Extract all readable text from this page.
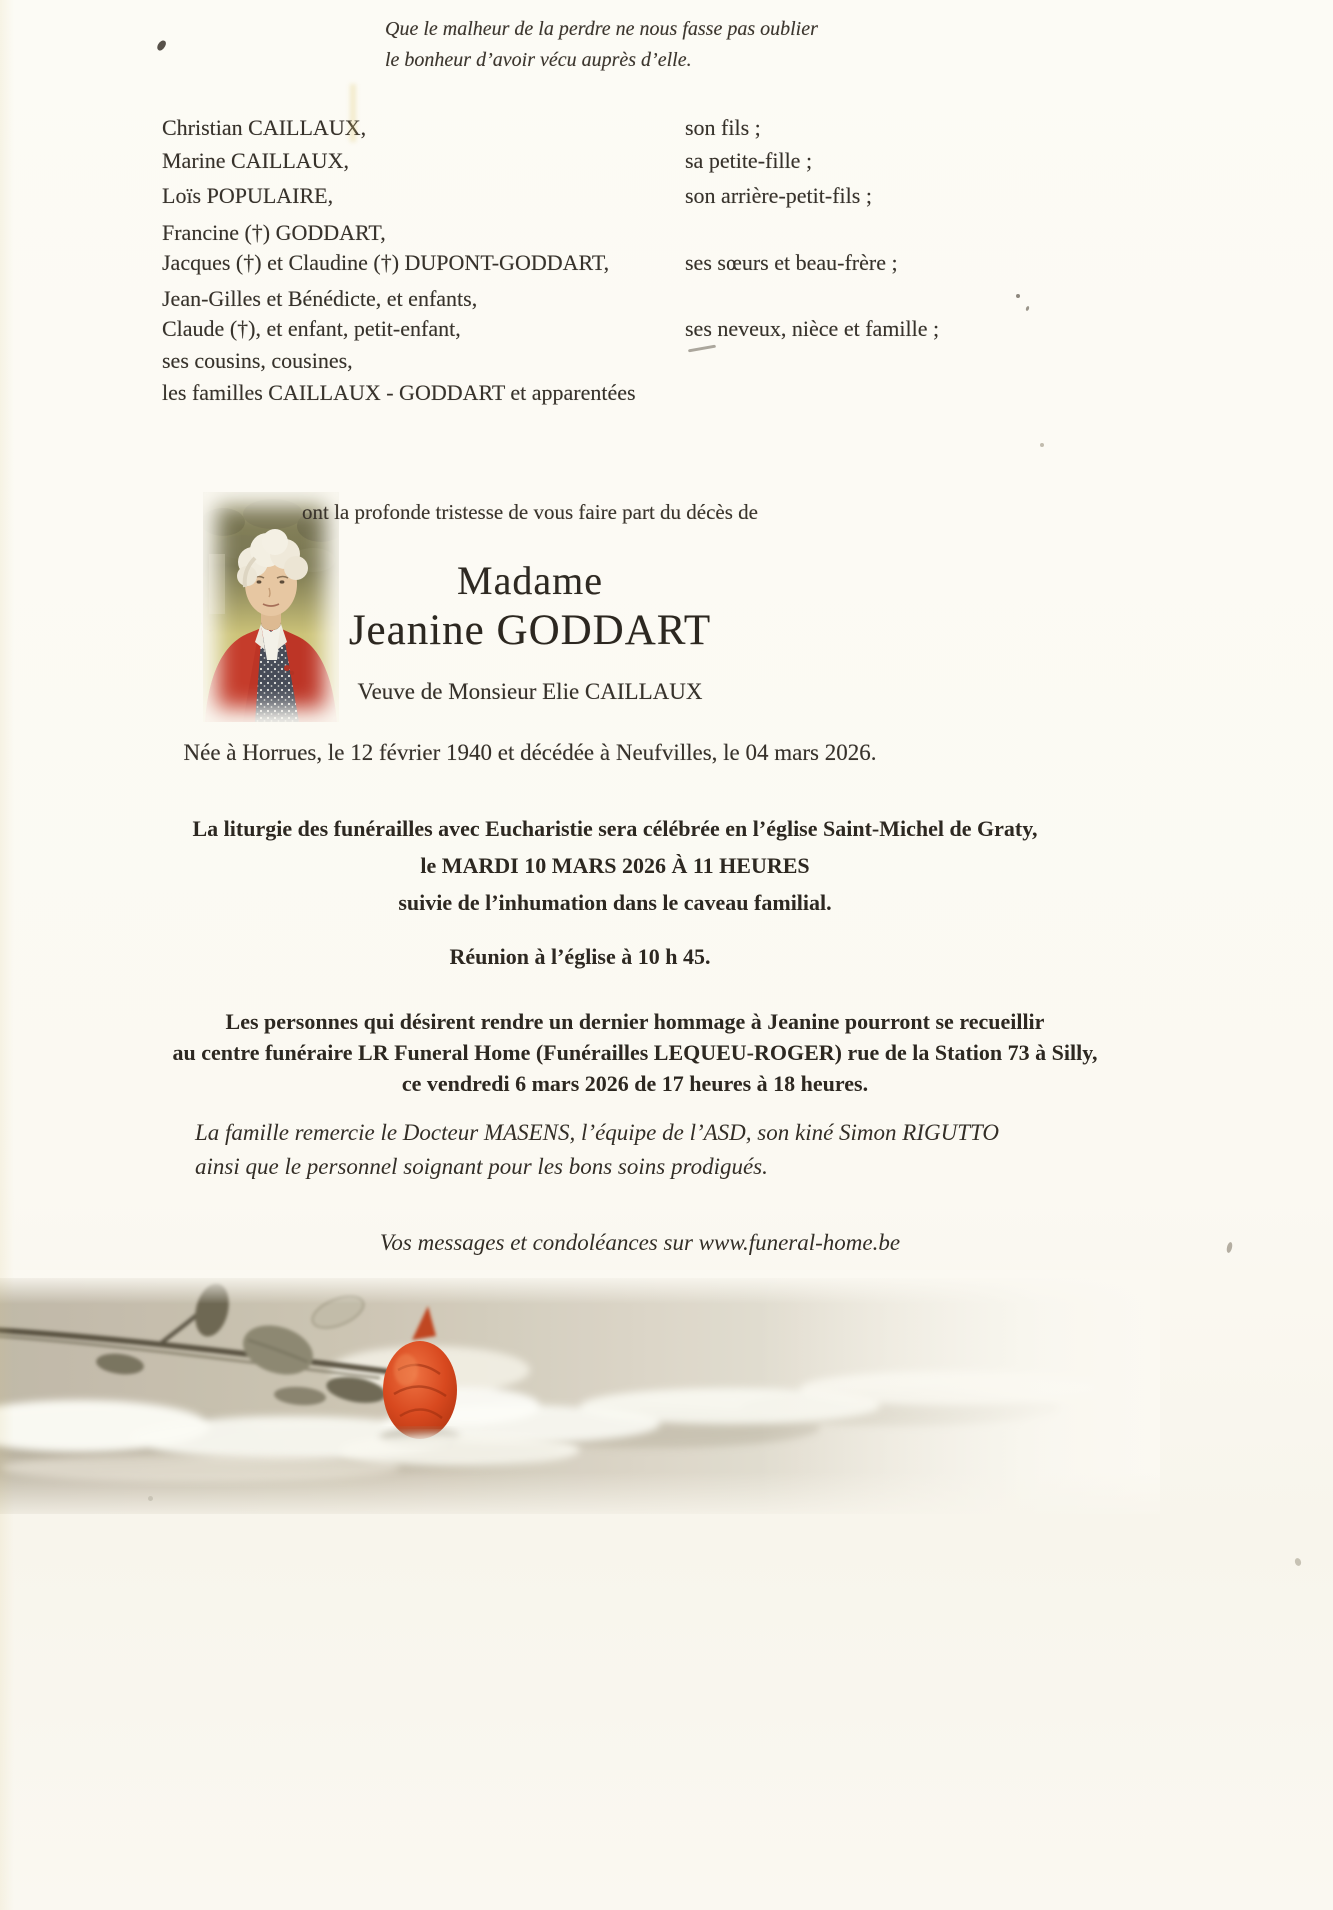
Que le malheur de la perdre ne nous fasse pas oublier
le bonheur d’avoir vécu auprès d’elle.
Christian CAILLAUX,	son fils ;
Marine CAILLAUX,	sa petite-fille ;
Loïs POPULAIRE,	son arrière-petit-fils ;
Francine (†) GODDART,
Jacques (†) et Claudine (†) DUPONT-GODDART,	ses sœurs et beau-frère ;
Jean-Gilles et Bénédicte, et enfants,
Claude (†), et enfant, petit-enfant,	ses neveux, nièce et famille ;
ses cousins, cousines,
les familles CAILLAUX - GODDART et apparentées
ont la profonde tristesse de vous faire part du décès de
Madame
Jeanine GODDART
Veuve de Monsieur Elie CAILLAUX
Née à Horrues, le 12 février 1940 et décédée à Neufvilles, le 04 mars 2026.
La liturgie des funérailles avec Eucharistie sera célébrée en l’église Saint-Michel de Graty,
le MARDI 10 MARS 2026 À 11 HEURES
suivie de l’inhumation dans le caveau familial.
Réunion à l’église à 10 h 45.
Les personnes qui désirent rendre un dernier hommage à Jeanine pourront se recueillir
au centre funéraire LR Funeral Home (Funérailles LEQUEU-ROGER) rue de la Station 73 à Silly,
ce vendredi 6 mars 2026 de 17 heures à 18 heures.
La famille remercie le Docteur MASENS, l’équipe de l’ASD, son kiné Simon RIGUTTO
ainsi que le personnel soignant pour les bons soins prodigués.
Vos messages et condoléances sur www.funeral-home.be
